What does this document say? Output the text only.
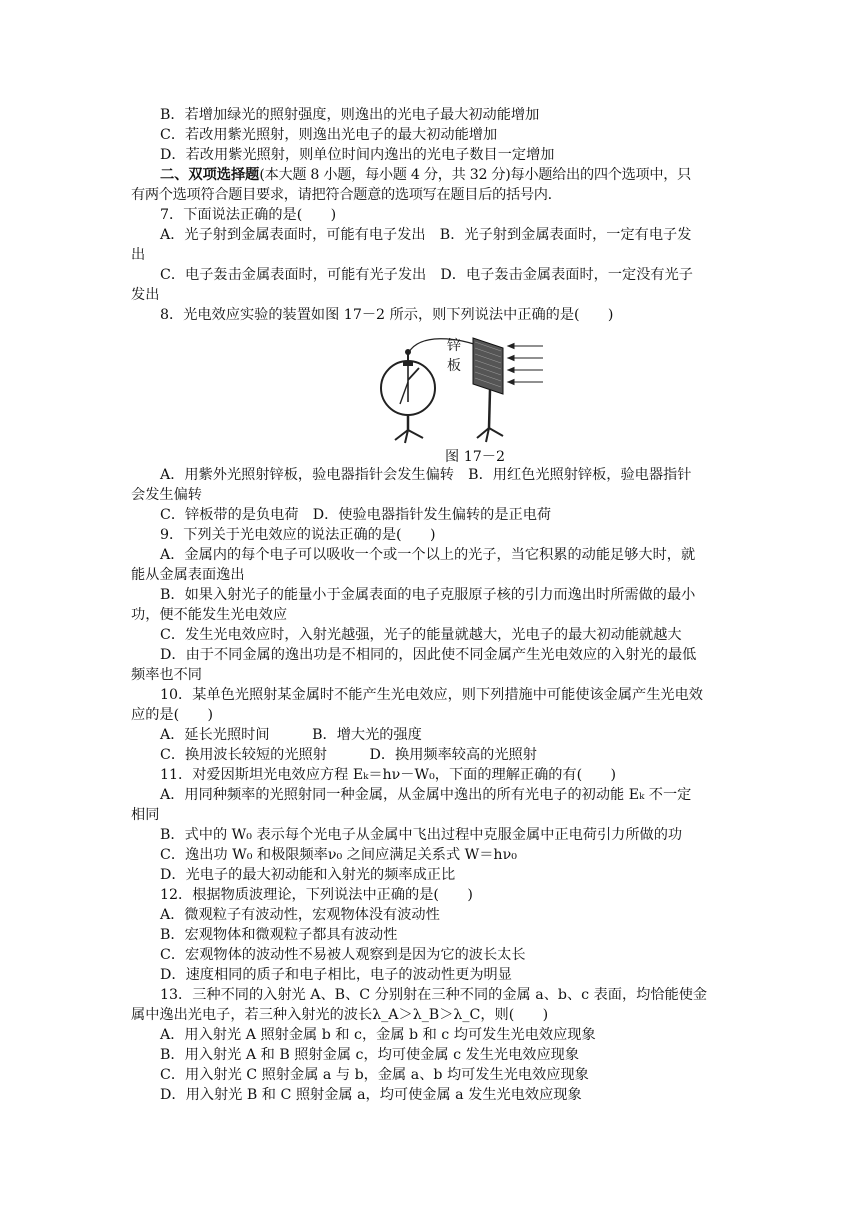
B．若增加绿光的照射强度，则逸出的光电子最大初动能增加
C．若改用紫光照射，则逸出光电子的最大初动能增加
D．若改用紫光照射，则单位时间内逸出的光电子数目一定增加
二、双项选择题(本大题 8 小题，每小题 4 分，共 32 分)每小题给出的四个选项中，只
有两个选项符合题目要求，请把符合题意的选项写在题目后的括号内.
7．下面说法正确的是(　　)
A．光子射到金属表面时，可能有电子发出　B．光子射到金属表面时，一定有电子发
出
C．电子轰击金属表面时，可能有光子发出　D．电子轰击金属表面时，一定没有光子
发出
8．光电效应实验的装置如图 17－2 所示，则下列说法中正确的是(　　)
锌
板
图 17－2
A．用紫外光照射锌板，验电器指针会发生偏转　B．用红色光照射锌板，验电器指针
会发生偏转
C．锌板带的是负电荷　D．使验电器指针发生偏转的是正电荷
9．下列关于光电效应的说法正确的是(　　)
A．金属内的每个电子可以吸收一个或一个以上的光子，当它积累的动能足够大时，就
能从金属表面逸出
B．如果入射光子的能量小于金属表面的电子克服原子核的引力而逸出时所需做的最小
功，便不能发生光电效应
C．发生光电效应时，入射光越强，光子的能量就越大，光电子的最大初动能就越大
D．由于不同金属的逸出功是不相同的，因此使不同金属产生光电效应的入射光的最低
频率也不同
10．某单色光照射某金属时不能产生光电效应，则下列措施中可能使该金属产生光电效
应的是(　　)
A．延长光照时间　　　B．增大光的强度
C．换用波长较短的光照射　　　D．换用频率较高的光照射
11．对爱因斯坦光电效应方程 Eₖ＝hν－W₀，下面的理解正确的有(　　)
A．用同种频率的光照射同一种金属，从金属中逸出的所有光电子的初动能 Eₖ 不一定
相同
B．式中的 W₀ 表示每个光电子从金属中飞出过程中克服金属中正电荷引力所做的功
C．逸出功 W₀ 和极限频率ν₀ 之间应满足关系式 W＝hν₀
D．光电子的最大初动能和入射光的频率成正比
12．根据物质波理论，下列说法中正确的是(　　)
A．微观粒子有波动性，宏观物体没有波动性
B．宏观物体和微观粒子都具有波动性
C．宏观物体的波动性不易被人观察到是因为它的波长太长
D．速度相同的质子和电子相比，电子的波动性更为明显
13．三种不同的入射光 A、B、C 分别射在三种不同的金属 a、b、c 表面，均恰能使金
属中逸出光电子，若三种入射光的波长λ_A＞λ_B＞λ_C，则(　　)
A．用入射光 A 照射金属 b 和 c，金属 b 和 c 均可发生光电效应现象
B．用入射光 A 和 B 照射金属 c，均可使金属 c 发生光电效应现象
C．用入射光 C 照射金属 a 与 b，金属 a、b 均可发生光电效应现象
D．用入射光 B 和 C 照射金属 a，均可使金属 a 发生光电效应现象
